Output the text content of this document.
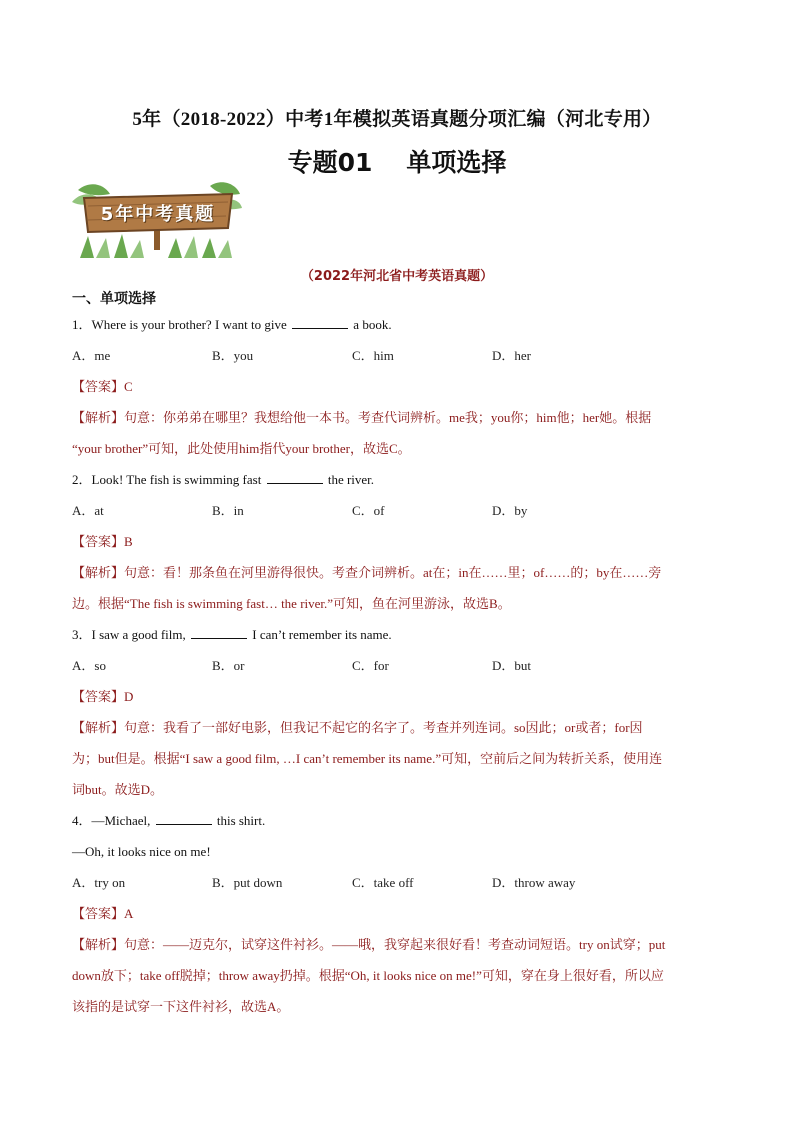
5年（2018-2022）中考1年模拟英语真题分项汇编（河北专用）
专题01 单项选择
5年中考真题
（2022年河北省中考英语真题）
一、单项选择
1．Where is your brother? I want to give	a book.
A．me	B．you	C．him	D．her
【答案】C
【解析】句意：你弟弟在哪里？我想给他一本书。考查代词辨析。me我；you你；him他；her她。根据
“your brother”可知，此处使用him指代your brother，故选C。
2．Look! The fish is swimming fast	the river.
A．at	B．in	C．of	D．by
【答案】B
【解析】句意：看！那条鱼在河里游得很快。考查介词辨析。at在；in在……里；of……的；by在……旁
边。根据“The fish is swimming fast… the river.”可知，鱼在河里游泳，故选B。
3．I saw a good film,	I can’t remember its name.
A．so	B．or	C．for	D．but
【答案】D
【解析】句意：我看了一部好电影，但我记不起它的名字了。考查并列连词。so因此；or或者；for因
为；but但是。根据“I saw a good film, …I can’t remember its name.”可知，空前后之间为转折关系，使用连
词but。故选D。
4．—Michael,	this shirt.
—Oh, it looks nice on me!
A．try on	B．put down	C．take off	D．throw away
【答案】A
【解析】句意：——迈克尔，试穿这件衬衫。——哦，我穿起来很好看！考查动词短语。try on试穿；put
down放下；take off脱掉；throw away扔掉。根据“Oh, it looks nice on me!”可知，穿在身上很好看，所以应
该指的是试穿一下这件衬衫，故选A。
